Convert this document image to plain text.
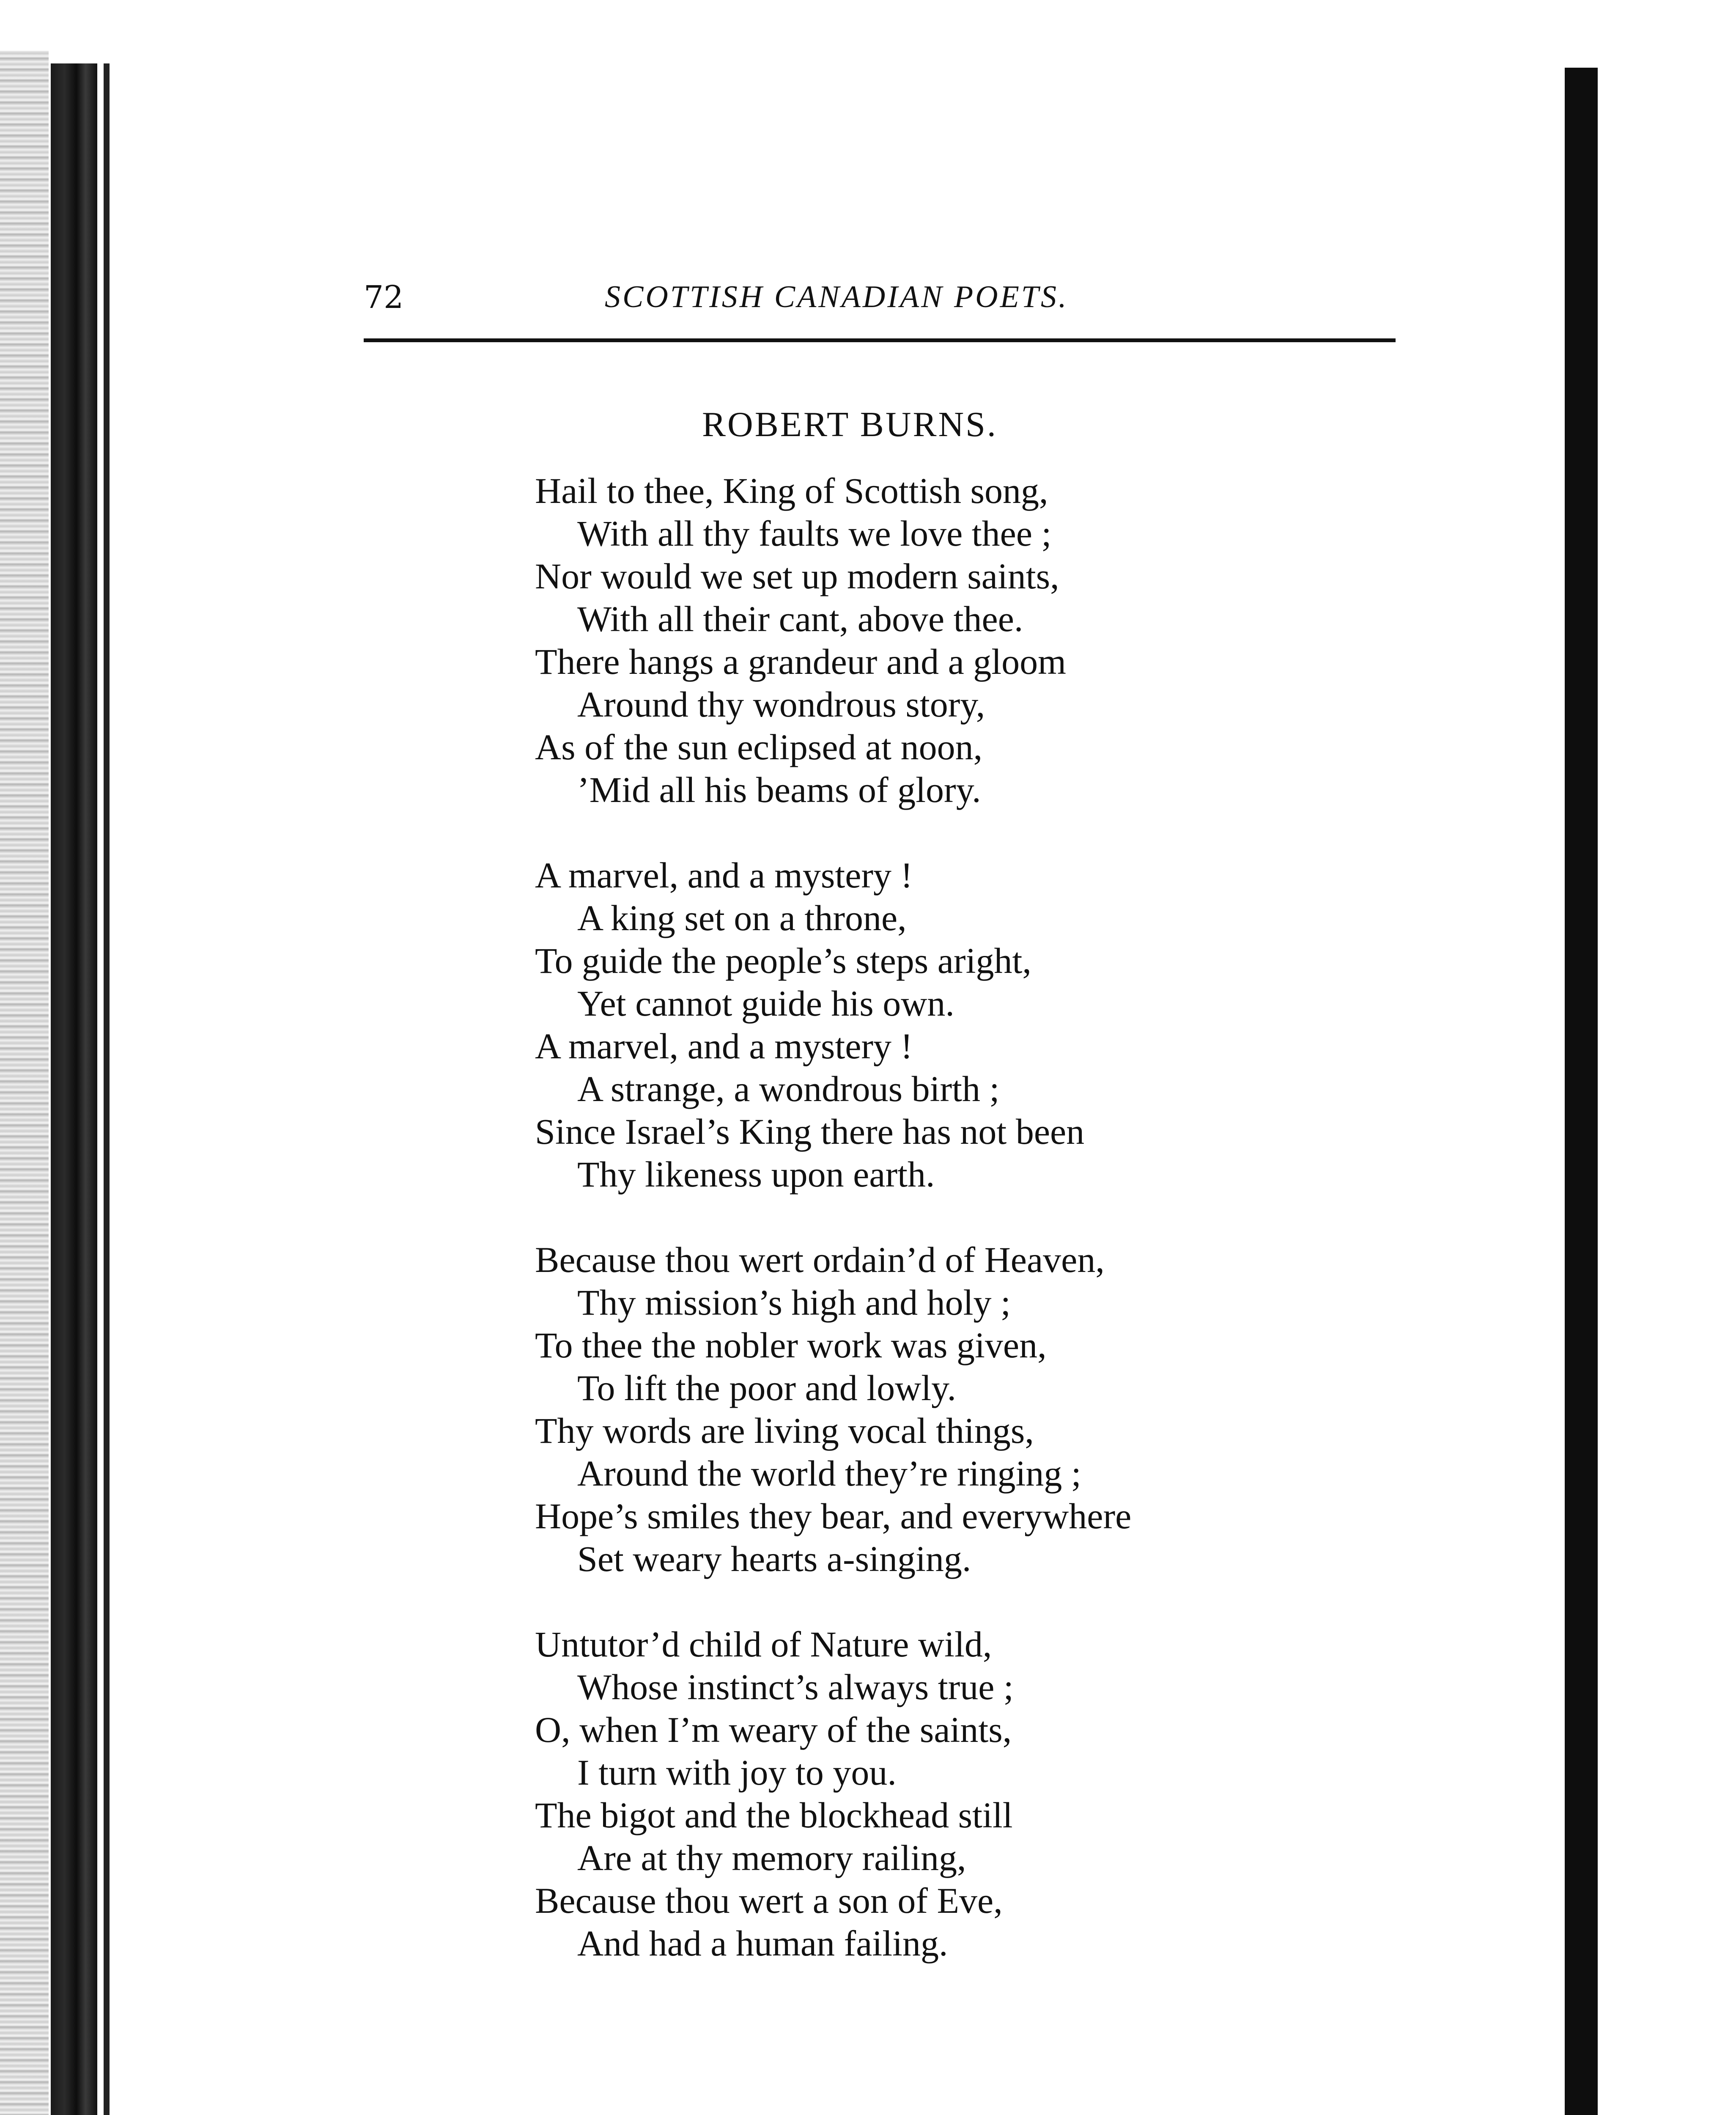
72	SCOTTISH CANADIAN POETS.
ROBERT BURNS.
Hail to thee, King of Scottish song,
With all thy faults we love thee ;
Nor would we set up modern saints,
With all their cant, above thee.
There hangs a grandeur and a gloom
Around thy wondrous story,
As of the sun eclipsed at noon,
’Mid all his beams of glory.
A marvel, and a mystery !
A king set on a throne,
To guide the people’s steps aright,
Yet cannot guide his own.
A marvel, and a mystery !
A strange, a wondrous birth ;
Since Israel’s King there has not been
Thy likeness upon earth.
Because thou wert ordain’d of Heaven,
Thy mission’s high and holy ;
To thee the nobler work was given,
To lift the poor and lowly.
Thy words are living vocal things,
Around the world they’re ringing ;
Hope’s smiles they bear, and everywhere
Set weary hearts a-singing.
Untutor’d child of Nature wild,
Whose instinct’s always true ;
O, when I’m weary of the saints,
I turn with joy to you.
The bigot and the blockhead still
Are at thy memory railing,
Because thou wert a son of Eve,
And had a human failing.
